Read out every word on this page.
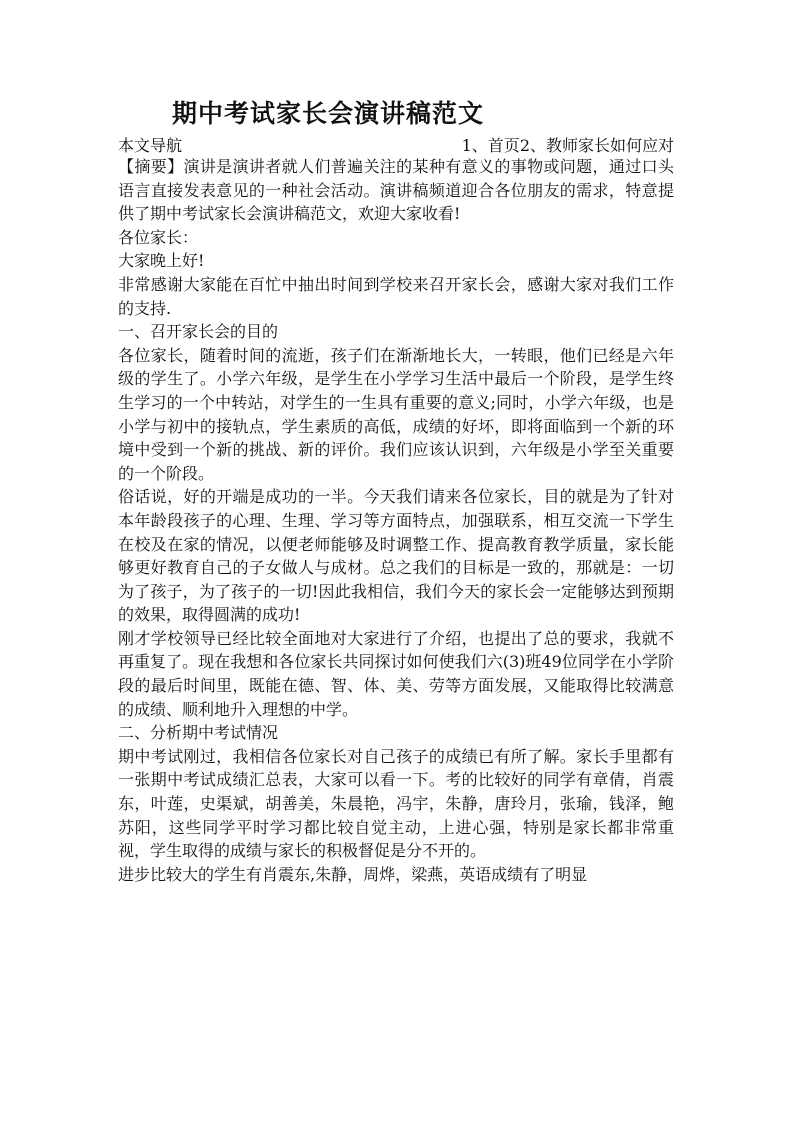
期中考试家长会演讲稿范文
本文导航	1、首页2、教师家长如何应对

【摘要】演讲是演讲者就人们普遍关注的某种有意义的事物或问题，通过口头语言直接发表意见的一种社会活动。演讲稿频道迎合各位朋友的需求，特意提供了期中考试家长会演讲稿范文，欢迎大家收看!

各位家长：

大家晚上好!

非常感谢大家能在百忙中抽出时间到学校来召开家长会，感谢大家对我们工作的支持.

一、召开家长会的目的

各位家长，随着时间的流逝，孩子们在渐渐地长大，一转眼，他们已经是六年级的学生了。小学六年级，是学生在小学学习生活中最后一个阶段，是学生终生学习的一个中转站，对学生的一生具有重要的意义;同时，小学六年级，也是小学与初中的接轨点，学生素质的高低，成绩的好坏，即将面临到一个新的环境中受到一个新的挑战、新的评价。我们应该认识到，六年级是小学至关重要的一个阶段。

俗话说，好的开端是成功的一半。今天我们请来各位家长，目的就是为了针对本年龄段孩子的心理、生理、学习等方面特点，加强联系，相互交流一下学生在校及在家的情况，以便老师能够及时调整工作、提高教育教学质量，家长能够更好教育自己的子女做人与成材。总之我们的目标是一致的，那就是：一切为了孩子，为了孩子的一切!因此我相信，我们今天的家长会一定能够达到预期的效果，取得圆满的成功!

刚才学校领导已经比较全面地对大家进行了介绍，也提出了总的要求，我就不再重复了。现在我想和各位家长共同探讨如何使我们六(3)班49位同学在小学阶段的最后时间里，既能在德、智、体、美、劳等方面发展，又能取得比较满意的成绩、顺利地升入理想的中学。

二、分析期中考试情况

期中考试刚过，我相信各位家长对自己孩子的成绩已有所了解。家长手里都有一张期中考试成绩汇总表，大家可以看一下。考的比较好的同学有章倩，肖震东，叶莲，史渠斌，胡善美，朱晨艳，冯宇，朱静，唐玲月，张瑜，钱泽，鲍苏阳，这些同学平时学习都比较自觉主动，上进心强，特别是家长都非常重视，学生取得的成绩与家长的积极督促是分不开的。

进步比较大的学生有肖震东,朱静，周烨，梁燕，英语成绩有了明显
